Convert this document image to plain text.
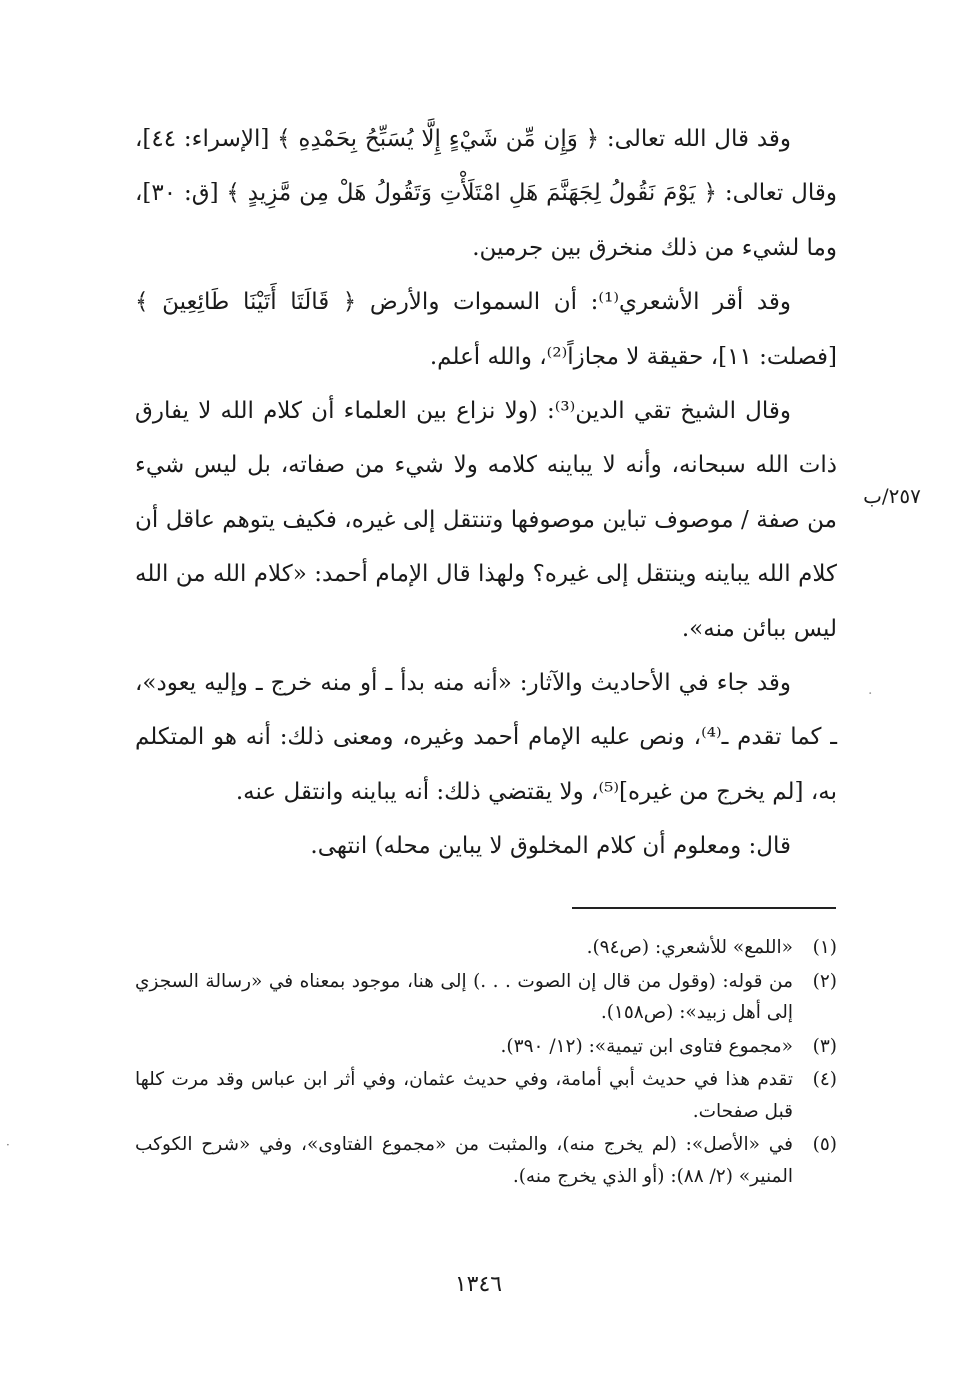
وقد قال الله تعالى: ﴿ وَإِن مِّن شَيْءٍ إِلَّا يُسَبِّحُ بِحَمْدِهِ ﴾ [الإسراء: ٤٤]، وقال تعالى: ﴿ يَوْمَ نَقُولُ لِجَهَنَّمَ هَلِ امْتَلَأْتِ وَتَقُولُ هَلْ مِن مَّزِيدٍ ﴾ [ق: ٣٠]، وما لشيء من ذلك منخرق بين جرمين.

وقد أقر الأشعري⁽¹⁾: أن السموات والأرض ﴿ قَالَتَا أَتَيْنَا طَائِعِينَ ﴾ [فصلت: ١١]، حقيقة لا مجازاً⁽²⁾، والله أعلم.

وقال الشيخ تقي الدين⁽³⁾: (ولا نزاع بين العلماء أن كلام الله لا يفارق ذات الله سبحانه، وأنه لا يباينه كلامه ولا شيء من صفاته، بل ليس شيء من صفة / موصوف تباين موصوفها وتنتقل إلى غيره، فكيف يتوهم عاقل أن كلام الله يباينه وينتقل إلى غيره؟ ولهذا قال الإمام أحمد: «كلام الله من الله ليس ببائن منه».

وقد جاء في الأحاديث والآثار: «أنه منه بدأ ـ أو منه خرج ـ وإليه يعود»، ـ كما تقدم ـ⁽⁴⁾، ونص عليه الإمام أحمد وغيره، ومعنى ذلك: أنه هو المتكلم به، [لم يخرج من غيره]⁽⁵⁾، ولا يقتضي ذلك: أنه يباينه وانتقل عنه.

قال: ومعلوم أن كلام المخلوق لا يباين محله) انتهى.

٢٥٧/ب
·
·
(١)
«اللمع» للأشعري: (ص٩٤).
(٢)
من قوله: (وقول من قال إن الصوت . . .) إلى هنا، موجود بمعناه في «رسالة السجزي إلى أهل زبيد»: (ص١٥٨).
(٣)
«مجموع فتاوى ابن تيمية»: (١٢/ ٣٩٠).
(٤)
تقدم هذا في حديث أبي أمامة، وفي حديث عثمان، وفي أثر ابن عباس وقد مرت كلها قبل صفحات.
(٥)
في «الأصل»: (لم يخرج منه)، والمثبت من «مجموع الفتاوى»، وفي «شرح الكوكب المنير» (٢/ ٨٨): (أو الذي يخرج منه).
١٣٤٦
